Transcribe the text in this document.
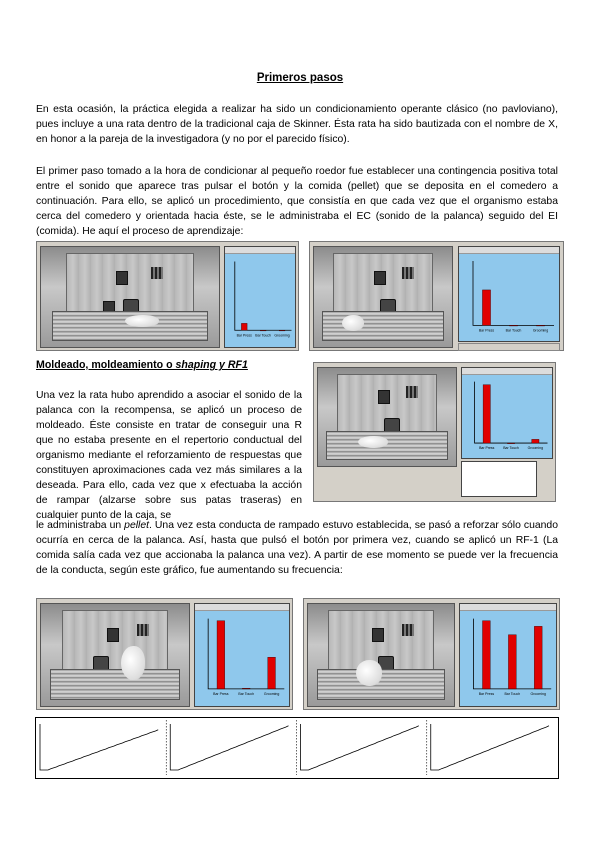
Primeros pasos
En esta ocasión, la práctica elegida a realizar ha sido un condicionamiento operante clásico (no pavloviano), pues incluye a una rata dentro de la tradicional caja de Skinner. Ésta rata ha sido bautizada con el nombre de X, en honor a la pareja de la investigadora (y no por el parecido físico).
El primer paso tomado a la hora de condicionar al pequeño roedor fue establecer una contingencia positiva total entre el sonido que aparece tras pulsar el botón y la comida (pellet) que se deposita en el comedero a continuación. Para ello, se aplicó un procedimiento, que consistía en que cada vez que el organismo estaba cerca del comedero y orientada hacia éste, se le administraba el EC (sonido de la palanca) seguido del EI (comida). He aquí el proceso de aprendizaje:
Bar Press Bar Touch Grooming
Bar Press	Bar Touch	Grooming
Moldeado, moldeamiento o shaping y RF1
Una vez la rata hubo aprendido a asociar el sonido de la palanca con la recompensa, se aplicó un proceso de moldeado. Éste consiste en tratar de conseguir una R que no estaba presente en el repertorio conductual del organismo mediante el reforzamiento de respuestas que constituyen aproximaciones cada vez más similares a la deseada. Para ello, cada vez que x efectuaba la acción de rampar (alzarse sobre sus patas traseras) en cualquier punto de la caja, se
Bar Press	Bar Touch	Grooming
le administraba un pellet. Una vez esta conducta de rampado estuvo establecida, se pasó a reforzar sólo cuando ocurría en cerca de la palanca. Así, hasta que pulsó el botón por primera vez, cuando se aplicó un RF-1 (La comida salía cada vez que accionaba la palanca una vez). A partir de ese momento se puede ver la frecuencia de la conducta, según este gráfico, fue aumentando su frecuencia:
Bar Press	Bar Touch	Grooming	Bar Press	Bar Touch	Grooming
